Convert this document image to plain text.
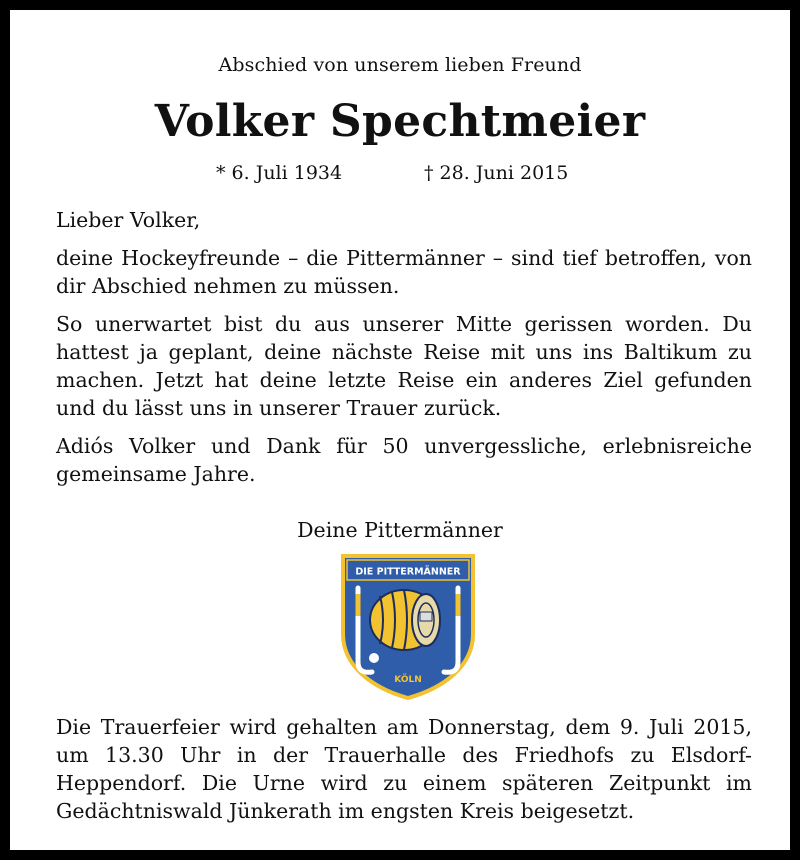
Abschied von unserem lieben Freund
Volker Spechtmeier
* 6. Juli 1934	† 28. Juni 2015

Lieber Volker,

deine Hockeyfreunde – die Pittermänner – sind tief betroffen, von dir Abschied nehmen zu müssen.

So unerwartet bist du aus unserer Mitte gerissen worden. Du hattest ja geplant, deine nächste Reise mit uns ins Baltikum zu machen. Jetzt hat deine letzte Reise ein anderes Ziel gefunden und du lässt uns in unserer Trauer zurück.

Adiós Volker und Dank für 50 unvergessliche, erlebnisreiche gemeinsame Jahre.

Deine Pittermänner
DIE PITTERMÄNNER
KÖLN
Die Trauerfeier wird gehalten am Donnerstag, dem 9. Juli 2015, um 13.30 Uhr in der Trauerhalle des Friedhofs zu Elsdorf-Heppendorf. Die Urne wird zu einem späteren Zeitpunkt im Gedächtniswald Jünkerath im engsten Kreis beigesetzt.
